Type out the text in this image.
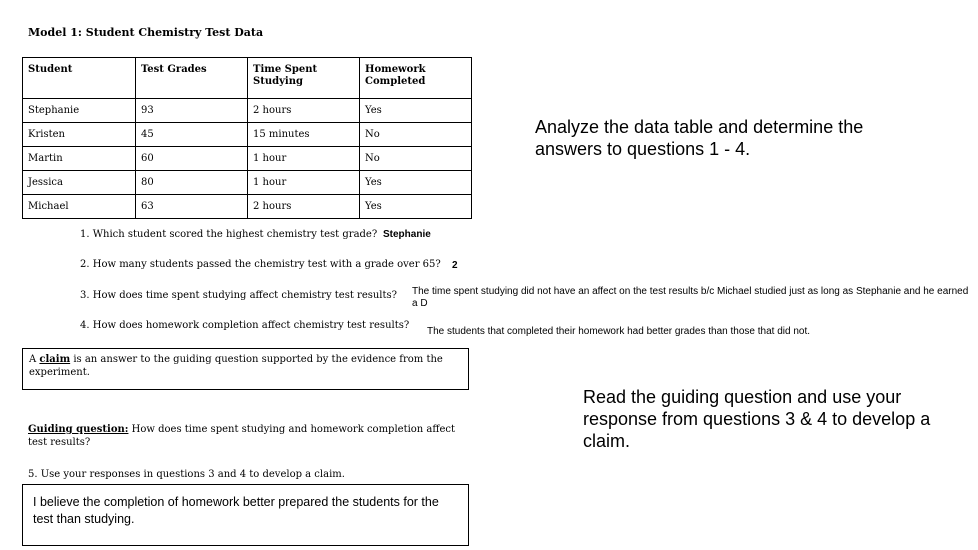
Model 1: Student Chemistry Test Data
Student	Test Grades	Time Spent Studying	Homework Completed
Stephanie	93	2 hours	Yes
Kristen	45	15 minutes	No
Martin	60	1 hour	No
Jessica	80	1 hour	Yes
Michael	63	2 hours	Yes
1. Which student scored the highest chemistry test grade? Stephanie
2. How many students passed the chemistry test with a grade over 65? 2
3. How does time spent studying affect chemistry test results? The time spent studying did not have an affect on the test results b/c Michael studied just as long as Stephanie and he earned a D
4. How does homework completion affect chemistry test results?
The students that completed their homework had better grades than those that did not.
Analyze the data table and determine the answers to questions 1 - 4.
Read the guiding question and use your response from questions 3 & 4 to develop a claim.
A claim is an answer to the guiding question supported by the evidence from the experiment.
Guiding question: How does time spent studying and homework completion affect test results?
5. Use your responses in questions 3 and 4 to develop a claim.
I believe the completion of homework better prepared the students for the test than studying.
